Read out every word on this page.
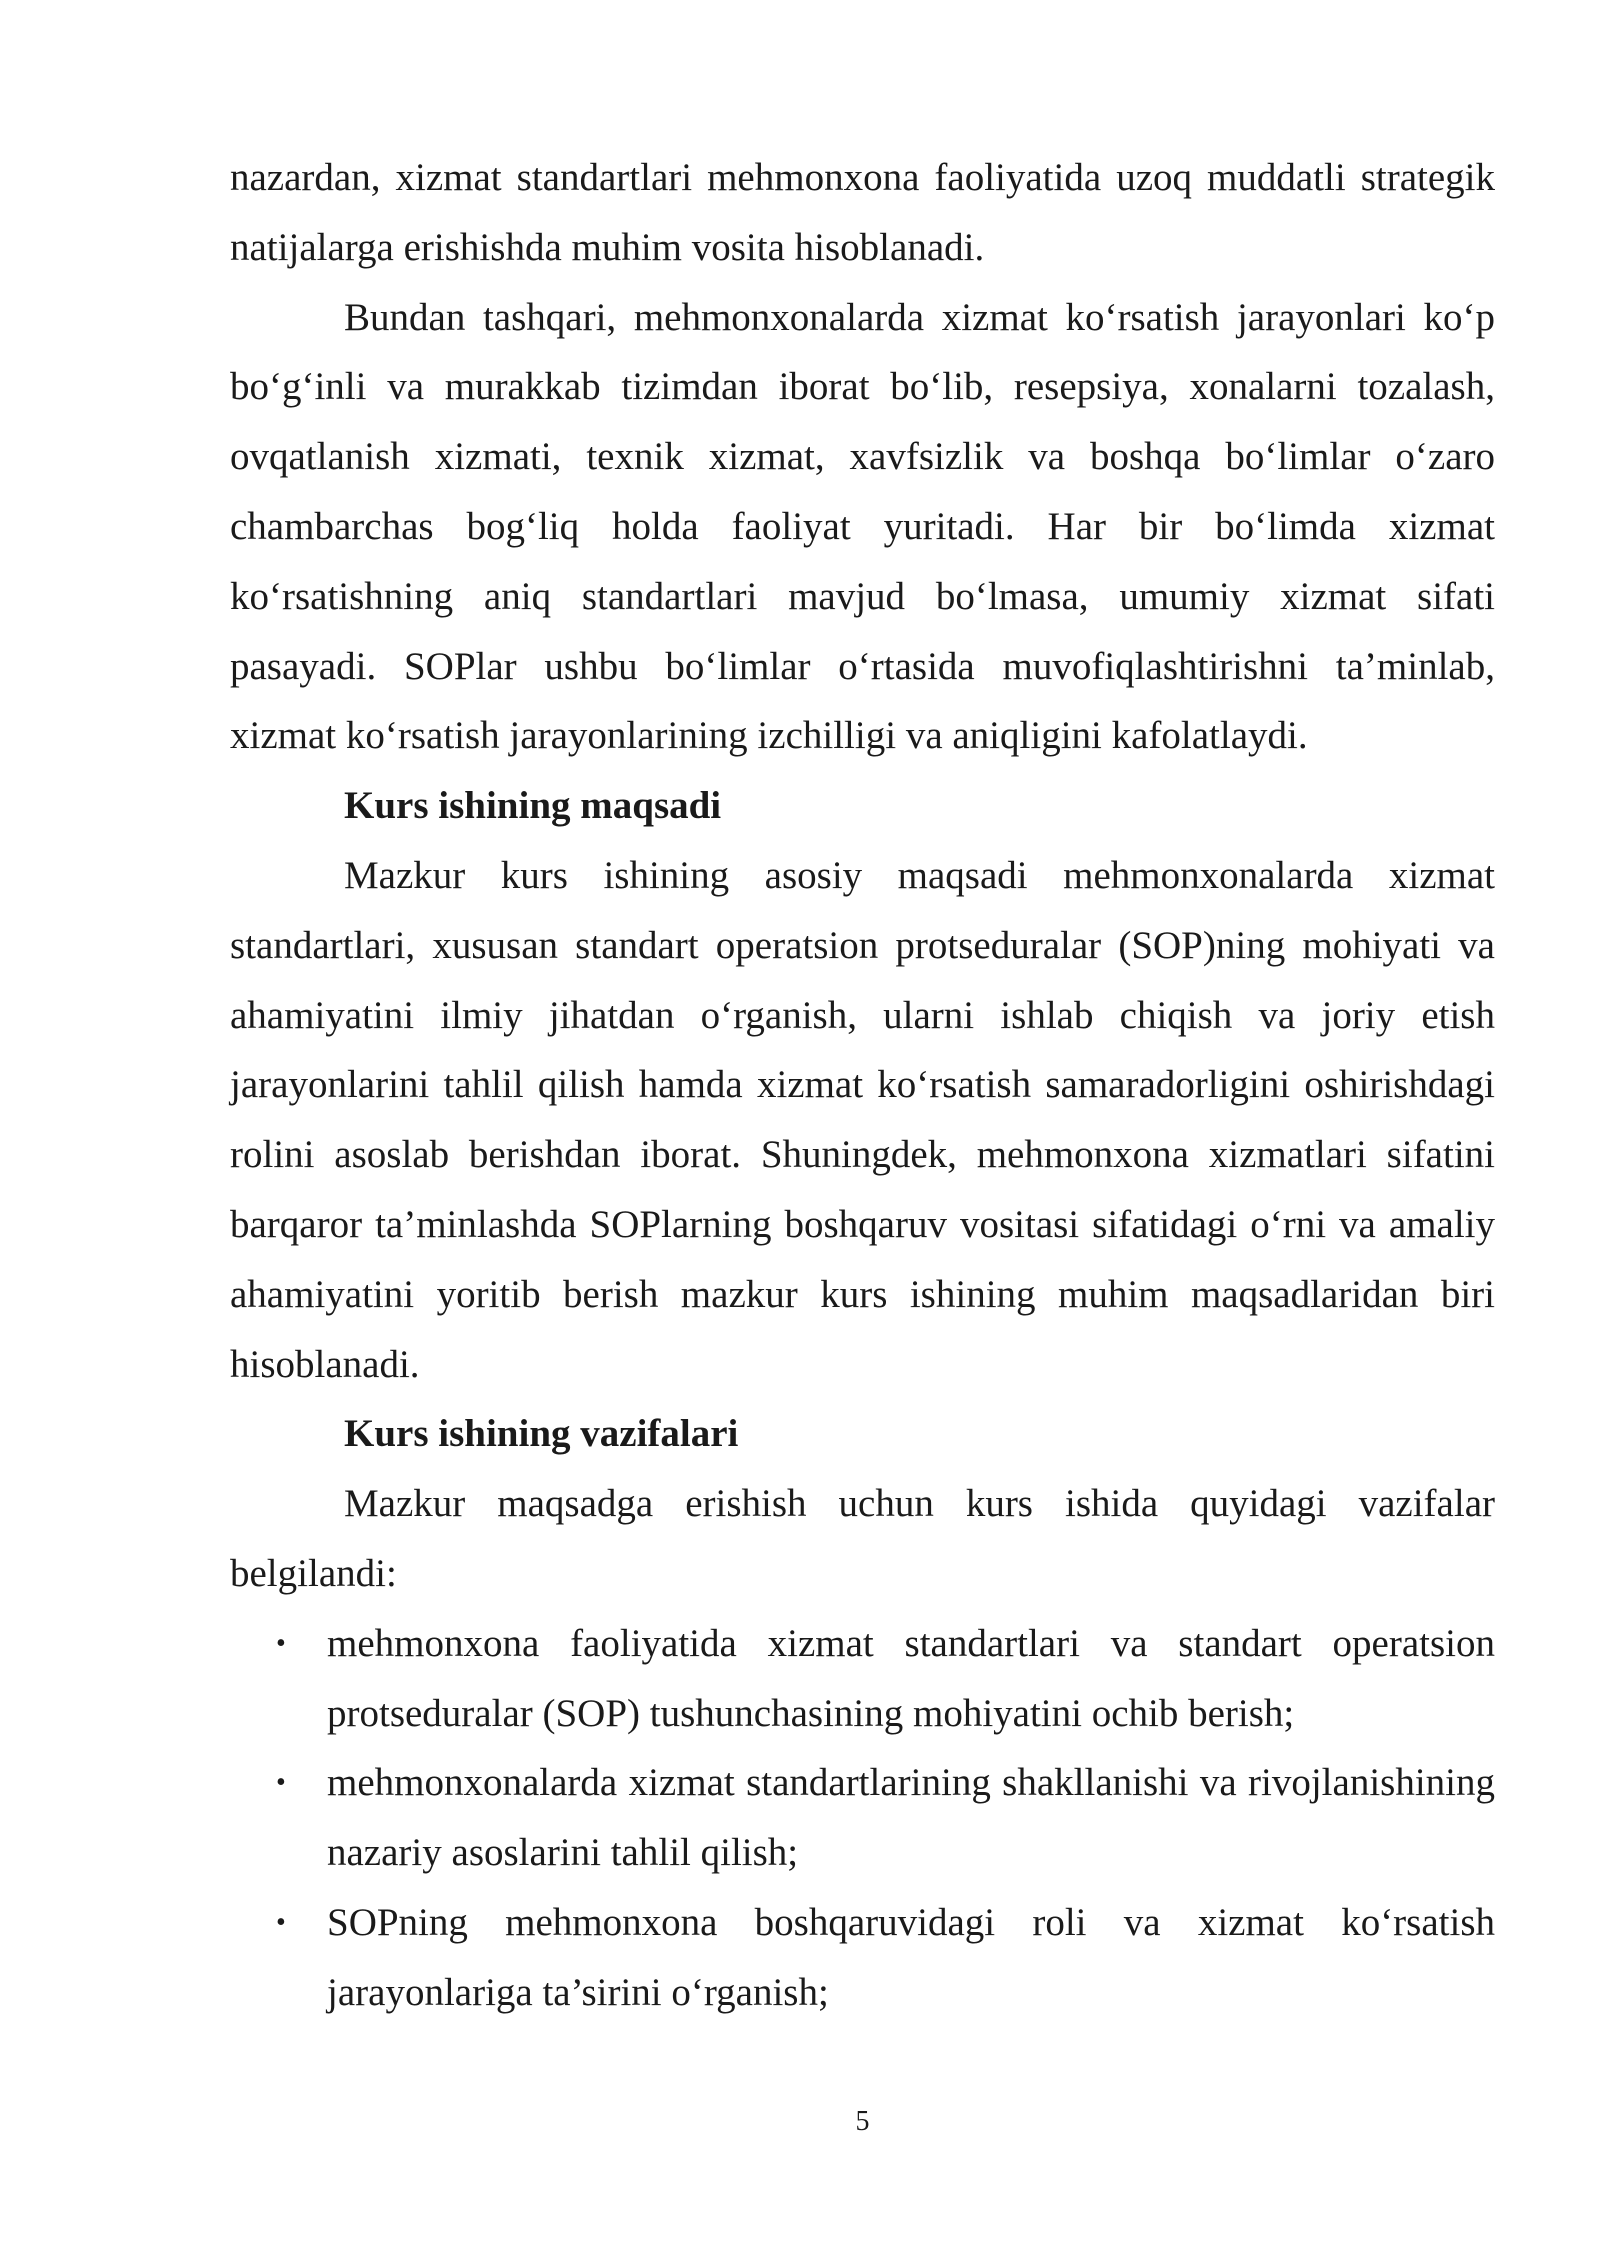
nazardan, xizmat standartlari mehmonxona faoliyatida uzoq muddatli strategik natijalarga erishishda muhim vosita hisoblanadi.

Bundan tashqari, mehmonxonalarda xizmat ko‘rsatish jarayonlari ko‘p bo‘g‘inli va murakkab tizimdan iborat bo‘lib, resepsiya, xonalarni tozalash, ovqatlanish xizmati, texnik xizmat, xavfsizlik va boshqa bo‘limlar o‘zaro chambarchas bog‘liq holda faoliyat yuritadi. Har bir bo‘limda xizmat ko‘rsatishning aniq standartlari mavjud bo‘lmasa, umumiy xizmat sifati pasayadi. SOPlar ushbu bo‘limlar o‘rtasida muvofiqlashtirishni ta’minlab, xizmat ko‘rsatish jarayonlarining izchilligi va aniqligini kafolatlaydi.

Kurs ishining maqsadi

Mazkur kurs ishining asosiy maqsadi mehmonxonalarda xizmat standartlari, xususan standart operatsion protseduralar (SOP)ning mohiyati va ahamiyatini ilmiy jihatdan o‘rganish, ularni ishlab chiqish va joriy etish jarayonlarini tahlil qilish hamda xizmat ko‘rsatish samaradorligini oshirishdagi rolini asoslab berishdan iborat. Shuningdek, mehmonxona xizmatlari sifatini barqaror ta’minlashda SOPlarning boshqaruv vositasi sifatidagi o‘rni va amaliy ahamiyatini yoritib berish mazkur kurs ishining muhim maqsadlaridan biri hisoblanadi.

Kurs ishining vazifalari

Mazkur maqsadga erishish uchun kurs ishida quyidagi vazifalar belgilandi:

• mehmonxona faoliyatida xizmat standartlari va standart operatsion protseduralar (SOP) tushunchasining mohiyatini ochib berish;
• mehmonxonalarda xizmat standartlarining shakllanishi va rivojlanishining nazariy asoslarini tahlil qilish;
• SOPning mehmonxona boshqaruvidagi roli va xizmat ko‘rsatish jarayonlariga ta’sirini o‘rganish;
5
